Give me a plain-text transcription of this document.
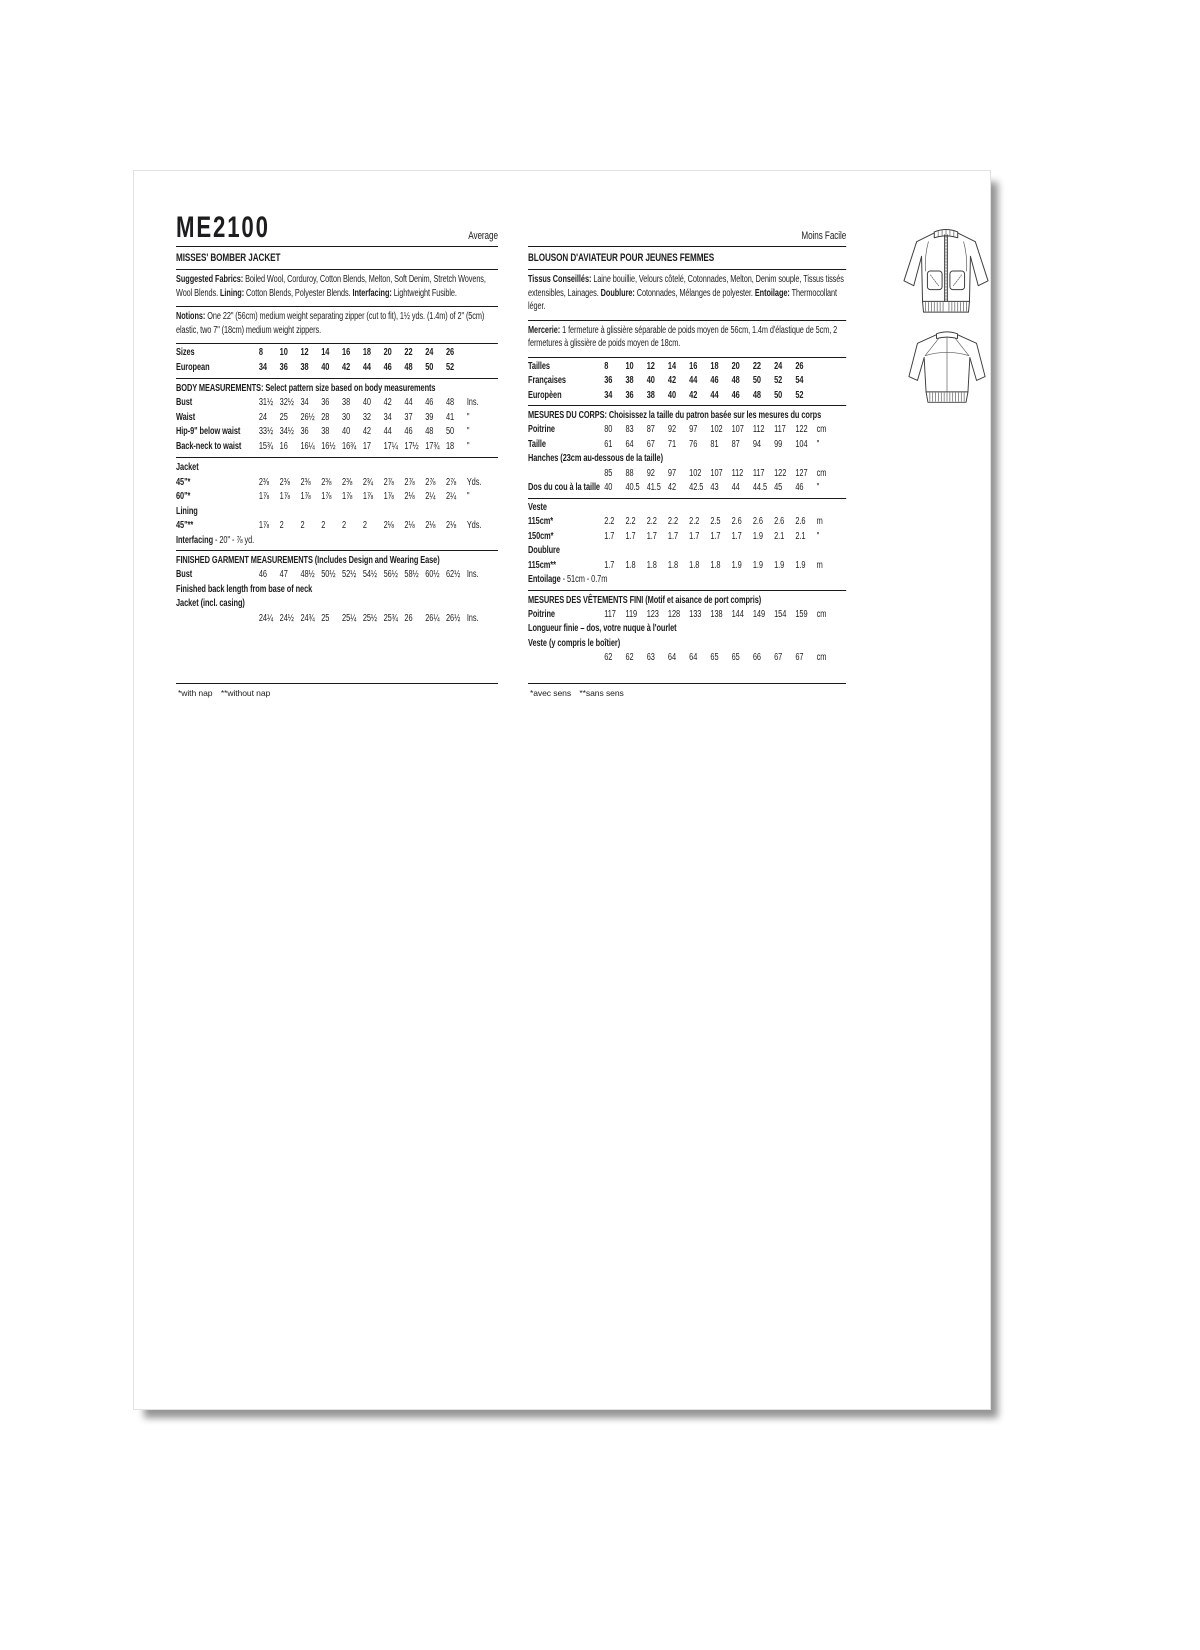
ME2100	Average
MISSES' BOMBER JACKET

Suggested Fabrics: Boiled Wool, Corduroy, Cotton Blends, Melton, Soft Denim, Stretch Wovens, Wool Blends. Lining: Cotton Blends, Polyester Blends. Interfacing: Lightweight Fusible.

Notions: One 22" (56cm) medium weight separating zipper (cut to fit), 1½ yds. (1.4m) of 2" (5cm) elastic, two 7" (18cm) medium weight zippers.

Sizes	8	10	12	14	16	18	20	22	24	26
European	34	36	38	40	42	44	46	48	50	52
BODY MEASUREMENTS: Select pattern size based on body measurements
Bust	31½ 32½ 34	36	38	40	42	44	46	48	Ins.
Waist	24	25	26½ 28	30	32	34	37	39	41	"
Hip-9" below waist	33½ 34½ 36	38	40	42	44	46	48	50	"
Back-neck to waist	15¾ 16	16¼ 16½ 16¾ 17	17¼ 17½ 17¾ 18	"
Jacket
45"*	2⅜	2⅜	2⅜	2⅜	2⅜	2¾	2⅞	2⅞	2⅞	2⅞	Yds.
60"*	1⅞	1⅞	1⅞	1⅞	1⅞	1⅞	1⅞	2⅛	2¼	2¼	"
Lining
45"**	1⅞	2	2	2	2	2	2⅛	2⅛	2⅛	2⅛	Yds.
Interfacing - 20" - ⅞ yd.
FINISHED GARMENT MEASUREMENTS (Includes Design and Wearing Ease)
Bust	46	47	48½ 50½ 52½ 54½ 56½ 58½ 60½ 62½ Ins.
Finished back length from base of neck
Jacket (incl. casing)
24¼ 24½ 24¾ 25	25¼ 25½ 25¾ 26	26¼ 26½ Ins.
Moins Facile
BLOUSON D'AVIATEUR POUR JEUNES FEMMES

Tissus Conseillés: Laine bouillie, Velours côtelé, Cotonnades, Melton, Denim souple, Tissus tissés extensibles, Lainages. Doublure: Cotonnades, Mélanges de polyester. Entoilage: Thermocollant léger.

Mercerie: 1 fermeture à glissière séparable de poids moyen de 56cm, 1.4m d'élastique de 5cm, 2 fermetures à glissière de poids moyen de 18cm.

Tailles	8	10	12	14	16	18	20	22	24	26
Françaises	36	38	40	42	44	46	48	50	52	54
Europèen	34	36	38	40	42	44	46	48	50	52
MESURES DU CORPS: Choisissez la taille du patron basée sur les mesures du corps
Poitrine	80	83	87	92	97	102 107 112 117 122 cm
Taille	61	64	67	71	76	81	87	94	99	104 "
Hanches (23cm au-dessous de la taille)
85	88	92	97	102 107 112 117 122 127 cm
Dos du cou à la taille 40	40.5 41.5 42	42.5 43	44	44.5 45	46	"
Veste
115cm*	2.2	2.2	2.2	2.2	2.2	2.5	2.6	2.6	2.6	2.6	m
150cm*	1.7	1.7	1.7	1.7	1.7	1.7	1.7	1.9	2.1	2.1	"
Doublure
115cm**	1.7	1.8	1.8	1.8	1.8	1.8	1.9	1.9	1.9	1.9	m
Entoilage - 51cm - 0.7m
MESURES DES VÊTEMENTS FINI (Motif et aisance de port compris)
Poitrine	117 119 123 128 133 138 144 149 154 159 cm
Longueur finie – dos, votre nuque à l'ourlet
Veste (y compris le boîtier)
62	62	63	64	64	65	65	66	67	67	cm
*with nap  **without nap	*avec sens  **sans sens
